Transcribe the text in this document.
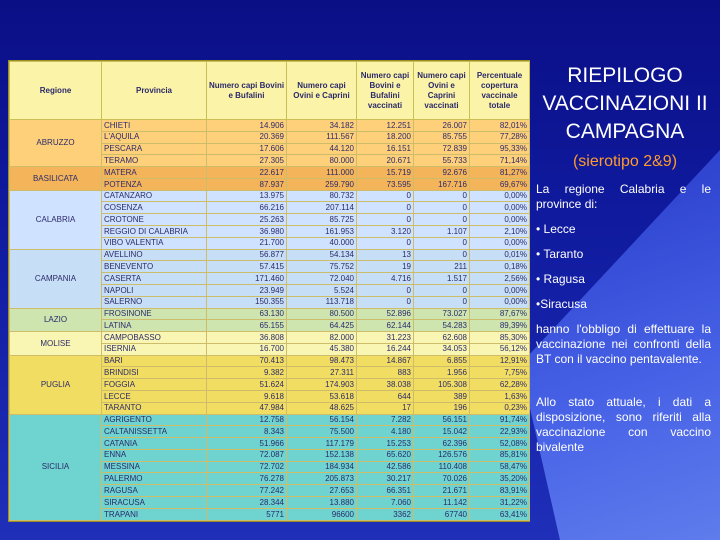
Regione	Provincia	Numero capi Bovini e Bufalini	Numero capi Ovini e Caprini	Numero capi Bovini e Bufalini vaccinati	Numero capi Ovini e Caprini vaccinati	Percentuale copertura vaccinale totale
ABRUZZO	CHIETI	14.906	34.182	12.251	26.007	82,01%
	L'AQUILA	20.369	111.567	18.200	85.755	77,28%
	PESCARA	17.606	44.120	16.151	72.839	95,33%
	TERAMO	27.305	80.000	20.671	55.733	71,14%
BASILICATA	MATERA	22.617	111.000	15.719	92.676	81,27%
	POTENZA	87.937	259.790	73.595	167.716	69,67%
CALABRIA	CATANZARO	13.975	80.732	0	0	0,00%
	COSENZA	66.216	207.114	0	0	0,00%
	CROTONE	25.263	85.725	0	0	0,00%
	REGGIO DI CALABRIA	36.980	161.953	3.120	1.107	2,10%
	VIBO VALENTIA	21.700	40.000	0	0	0,00%
CAMPANIA	AVELLINO	56.877	54.134	13	0	0,01%
	BENEVENTO	57.415	75.752	19	211	0,18%
	CASERTA	171.460	72.040	4.716	1.517	2,56%
	NAPOLI	23.949	5.524	0	0	0,00%
	SALERNO	150.355	113.718	0	0	0,00%
LAZIO	FROSINONE	63.130	80.500	52.896	73.027	87,67%
	LATINA	65.155	64.425	62.144	54.283	89,39%
MOLISE	CAMPOBASSO	36.808	82.000	31.223	62.608	85,30%
	ISERNIA	16.700	45.380	16.244	34.053	56,12%
PUGLIA	BARI	70.413	98.473	14.867	6.855	12,91%
	BRINDISI	9.382	27.311	883	1.956	7,75%
	FOGGIA	51.624	174.903	38.038	105.308	62,28%
	LECCE	9.618	53.618	644	389	1,63%
	TARANTO	47.984	48.625	17	196	0,23%
SICILIA	AGRIGENTO	12.758	56.154	7.282	56.151	91,74%
	CALTANISSETTA	8.343	75.500	4.180	15.042	22,93%
	CATANIA	51.966	117.179	15.253	62.396	52,08%
	ENNA	72.087	152.138	65.620	126.576	85,81%
	MESSINA	72.702	184.934	42.586	110.408	58,47%
	PALERMO	76.278	205.873	30.217	70.026	35,20%
	RAGUSA	77.242	27.653	66.351	21.671	83,91%
	SIRACUSA	28.344	13.880	7.060	11.142	31,22%
	TRAPANI	5771	96600	3362	67740	63,41%
RIEPILOGO VACCINAZIONI II CAMPAGNA
(sierotipo 2&9)

La regione Calabria e le province di:

• Lecce

• Taranto

• Ragusa

•Siracusa

hanno l'obbligo di effettuare la vaccinazione nei confronti della BT con il vaccino pentavalente.

Allo stato attuale, i dati a disposizione, sono riferiti alla vaccinazione con vaccino bivalente
